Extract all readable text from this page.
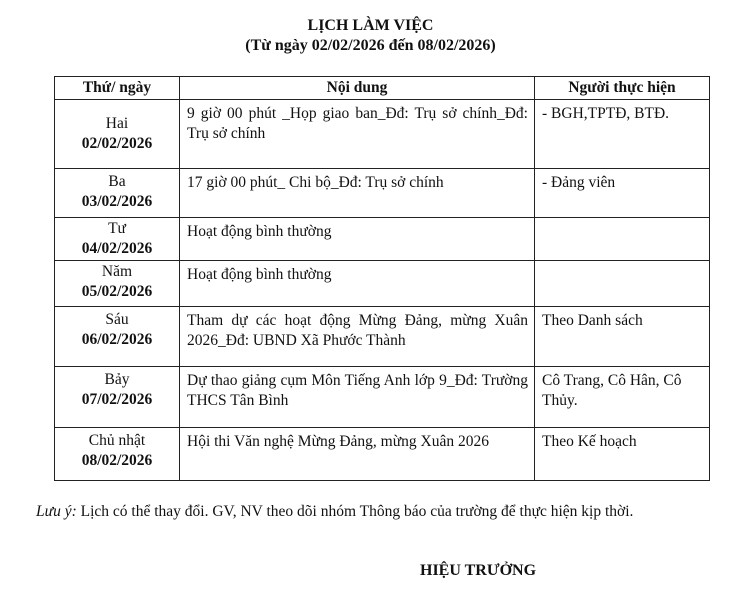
LỊCH LÀM VIỆC
(Từ ngày 02/02/2026 đến 08/02/2026)
Thứ/ ngày	Nội dung	Người thực hiện

Hai
02/02/2026	9 giờ 00 phút _Họp giao ban_Đđ: Trụ sở chính_Đđ: Trụ sở chính	- BGH,TPTĐ, BTĐ.

Ba
03/02/2026	17 giờ 00 phút_ Chi bộ_Đđ: Trụ sở chính	- Đảng viên

Tư
04/02/2026	Hoạt động bình thường	

Năm
05/02/2026	Hoạt động bình thường	

Sáu
06/02/2026	Tham dự các hoạt động Mừng Đảng, mừng Xuân 2026_Đđ: UBND Xã Phước Thành	Theo Danh sách

Bảy
07/02/2026	Dự thao giảng cụm Môn Tiếng Anh lớp 9_Đđ: Trường THCS Tân Bình	Cô Trang, Cô Hân, Cô Thủy.

Chủ nhật
08/02/2026	Hội thi Văn nghệ Mừng Đảng, mừng Xuân 2026	Theo Kế hoạch
Lưu ý: Lịch có thể thay đổi. GV, NV theo dõi nhóm Thông báo của trường để thực hiện kịp thời.
HIỆU TRƯỞNG
